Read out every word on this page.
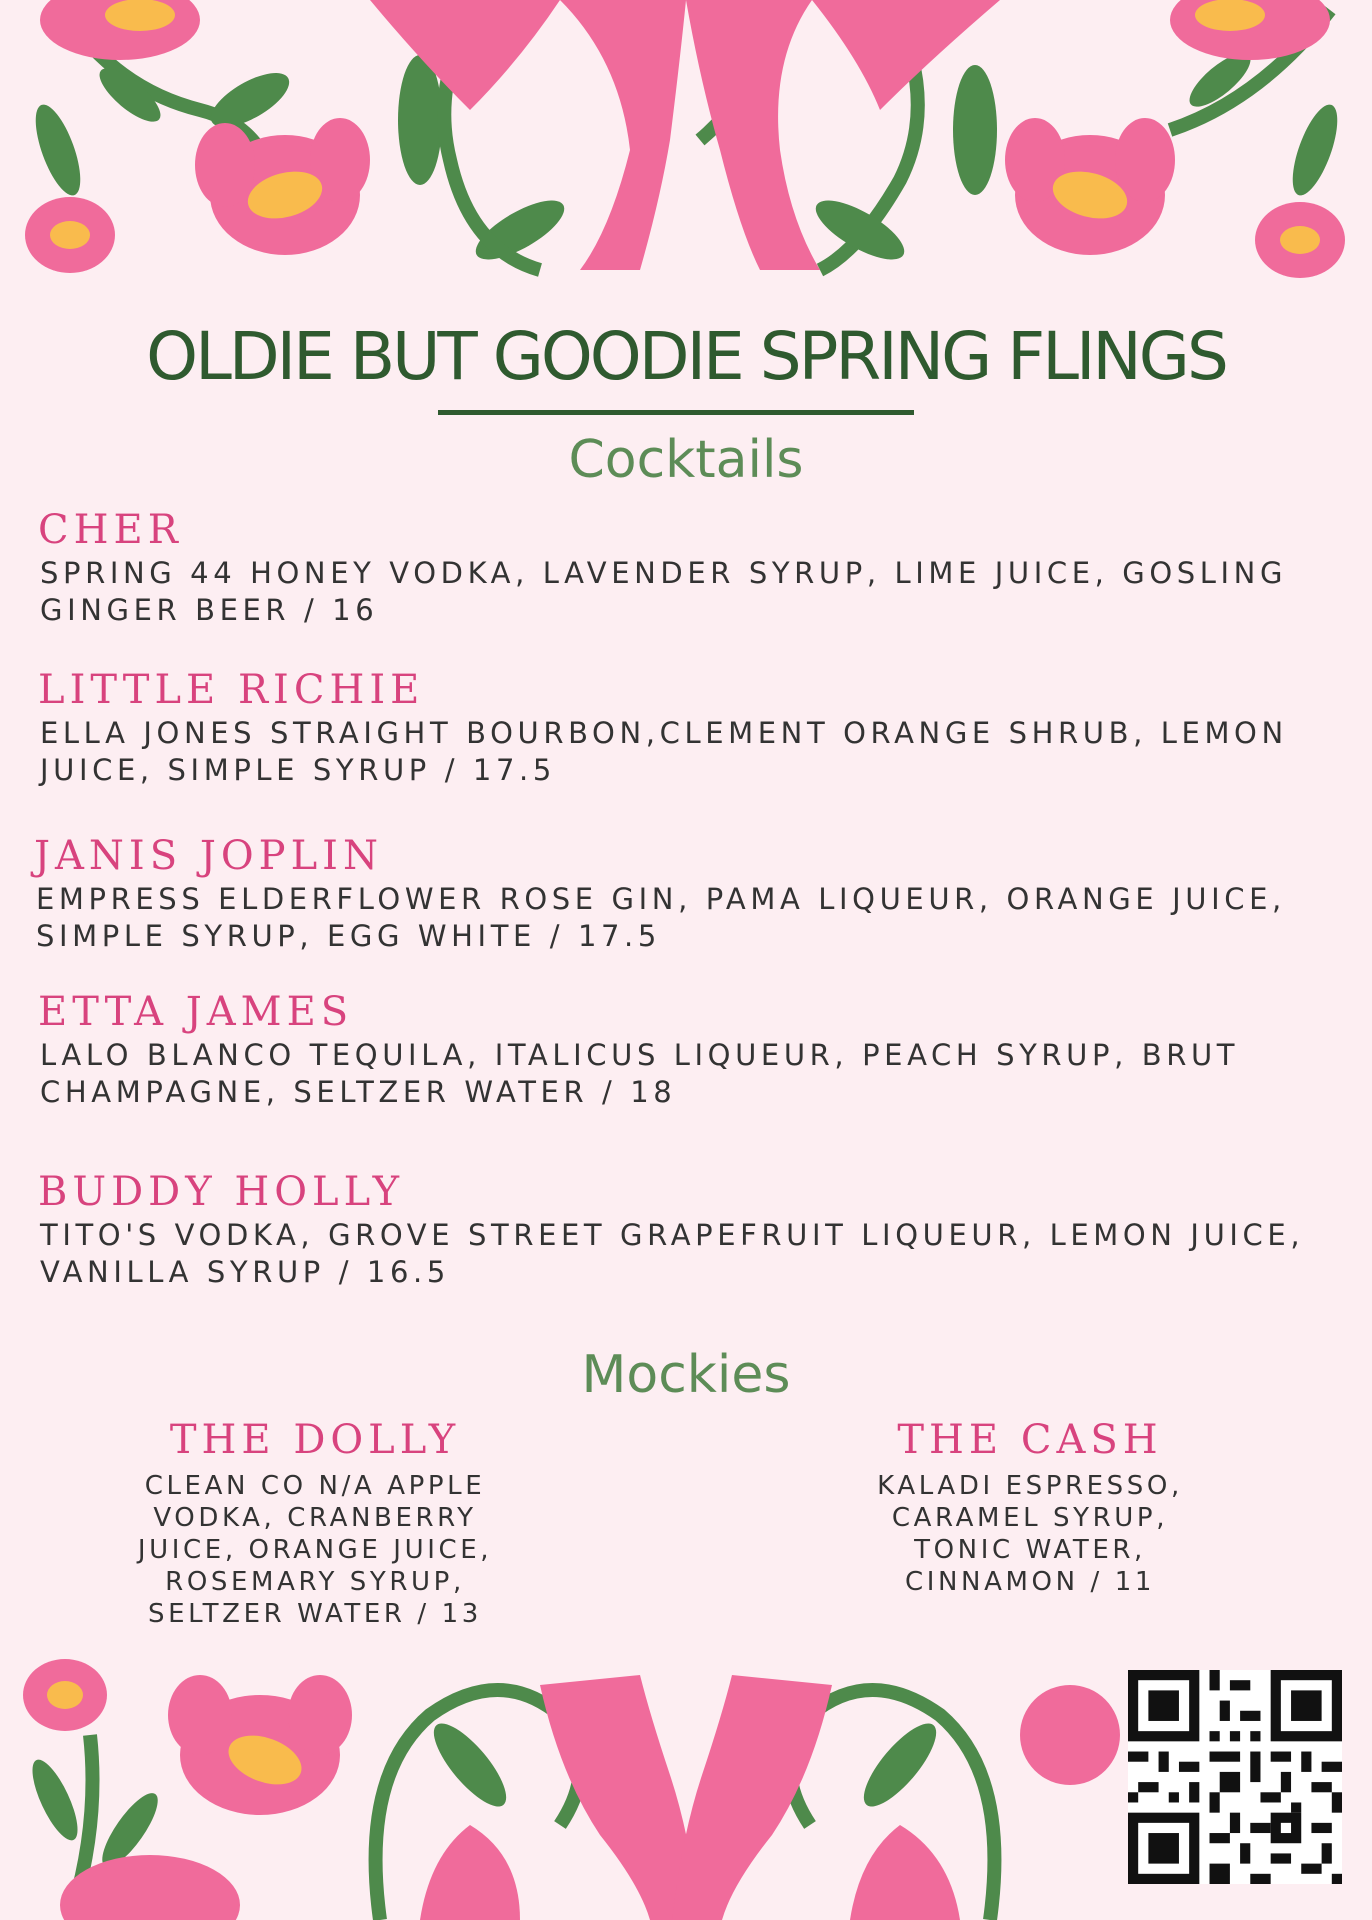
OLDIE BUT GOODIE SPRING FLINGS
Cocktails

CHER

SPRING 44 HONEY VODKA, LAVENDER SYRUP, LIME JUICE, GOSLING GINGER BEER / 16

LITTLE RICHIE

ELLA JONES STRAIGHT BOURBON,CLEMENT ORANGE SHRUB, LEMON JUICE, SIMPLE SYRUP / 17.5

JANIS JOPLIN

EMPRESS ELDERFLOWER ROSE GIN, PAMA LIQUEUR, ORANGE JUICE, SIMPLE SYRUP, EGG WHITE / 17.5

ETTA JAMES

LALO BLANCO TEQUILA, ITALICUS LIQUEUR, PEACH SYRUP, BRUT CHAMPAGNE, SELTZER WATER / 18

BUDDY HOLLY

TITO'S VODKA, GROVE STREET GRAPEFRUIT LIQUEUR, LEMON JUICE, VANILLA SYRUP / 16.5

Mockies

THE DOLLY

CLEAN CO N/A APPLE VODKA, CRANBERRY JUICE, ORANGE JUICE, ROSEMARY SYRUP, SELTZER WATER / 13

THE CASH

KALADI ESPRESSO, CARAMEL SYRUP, TONIC WATER, CINNAMON / 11
